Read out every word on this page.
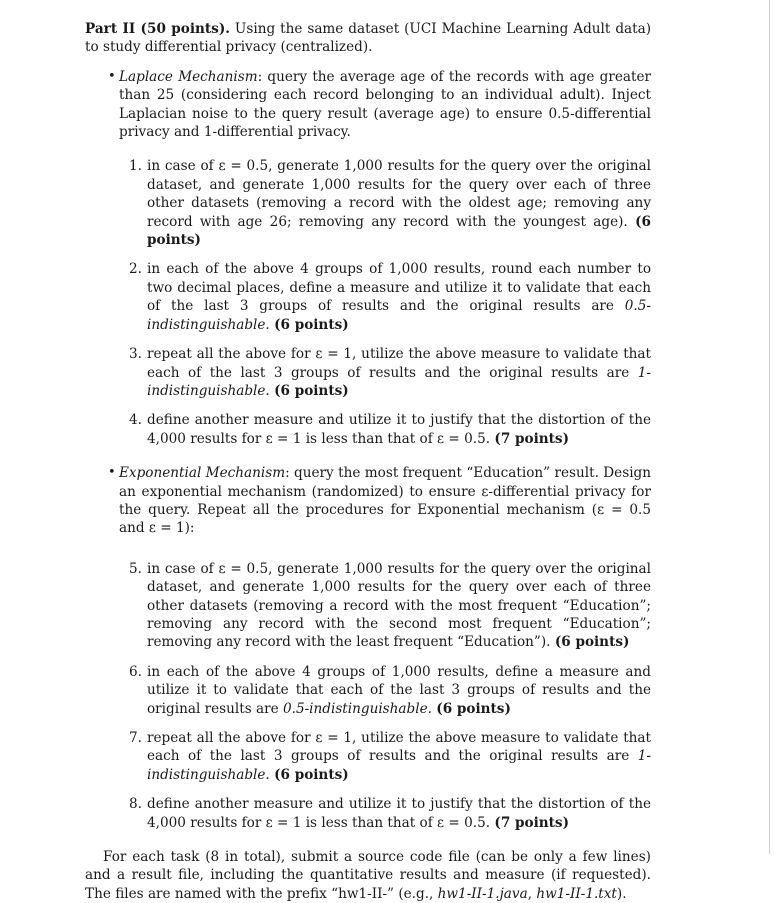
Part II (50 points). Using the same dataset (UCI Machine Learning Adult data) to study differential privacy (centralized).

• Laplace Mechanism: query the average age of the records with age greater than 25 (considering each record belonging to an individual adult). Inject Laplacian noise to the query result (average age) to ensure 0.5-differential privacy and 1-differential privacy.

1. in case of ε = 0.5, generate 1,000 results for the query over the original dataset, and generate 1,000 results for the query over each of three other datasets (removing a record with the oldest age; removing any record with age 26; removing any record with the youngest age). (6 points)
2. in each of the above 4 groups of 1,000 results, round each number to two decimal places, define a measure and utilize it to validate that each of the last 3 groups of results and the original results are 0.5-indistinguishable. (6 points)
3. repeat all the above for ε = 1, utilize the above measure to validate that each of the last 3 groups of results and the original results are 1-indistinguishable. (6 points)
4. define another measure and utilize it to justify that the distortion of the 4,000 results for ε = 1 is less than that of ε = 0.5. (7 points)
• Exponential Mechanism: query the most frequent “Education” result. Design an exponential mechanism (randomized) to ensure ε-differential privacy for the query. Repeat all the procedures for Exponential mechanism (ε = 0.5 and ε = 1):

5. in case of ε = 0.5, generate 1,000 results for the query over the original dataset, and generate 1,000 results for the query over each of three other datasets (removing a record with the most frequent “Education”; removing any record with the second most frequent “Education”; removing any record with the least frequent “Education”). (6 points)
6. in each of the above 4 groups of 1,000 results, define a measure and utilize it to validate that each of the last 3 groups of results and the original results are 0.5-indistinguishable. (6 points)
7. repeat all the above for ε = 1, utilize the above measure to validate that each of the last 3 groups of results and the original results are 1-indistinguishable. (6 points)
8. define another measure and utilize it to justify that the distortion of the 4,000 results for ε = 1 is less than that of ε = 0.5. (7 points)

For each task (8 in total), submit a source code file (can be only a few lines) and a result file, including the quantitative results and measure (if requested). The files are named with the prefix “hw1-II-” (e.g., hw1-II-1.java, hw1-II-1.txt).
